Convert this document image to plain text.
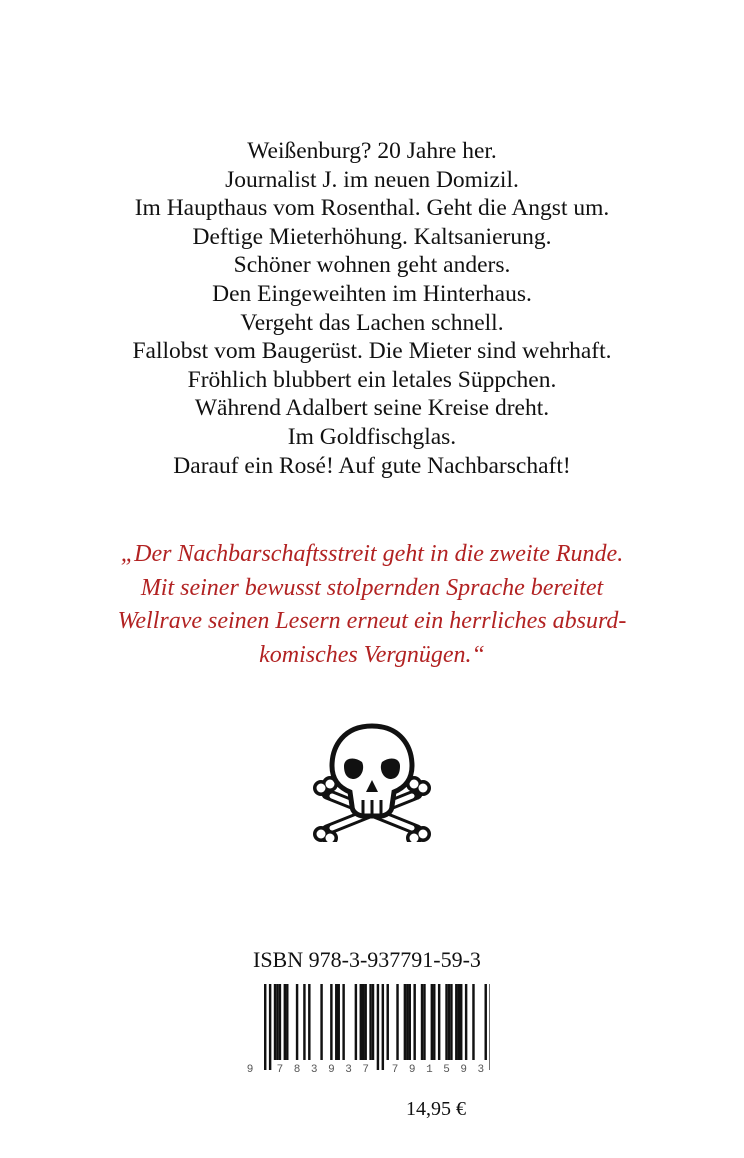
Weißenburg? 20 Jahre her.
Journalist J. im neuen Domizil.
Im Haupthaus vom Rosenthal. Geht die Angst um.
Deftige Mieterhöhung. Kaltsanierung.
Schöner wohnen geht anders.
Den Eingeweihten im Hinterhaus.
Vergeht das Lachen schnell.
Fallobst vom Baugerüst. Die Mieter sind wehrhaft.
Fröhlich blubbert ein letales Süppchen.
Während Adalbert seine Kreise dreht.
Im Goldfischglas.
Darauf ein Rosé! Auf gute Nachbarschaft!
„Der Nachbarschaftsstreit geht in die zweite Runde.
Mit seiner bewusst stolpernden Sprache bereitet
Wellrave seinen Lesern erneut ein herrliches absurd-
komisches Vergnügen.“
ISBN 978-3-937791-59-3
9 7 8 3 9 3 7 7 9 1 5 9 3
14,95 €
